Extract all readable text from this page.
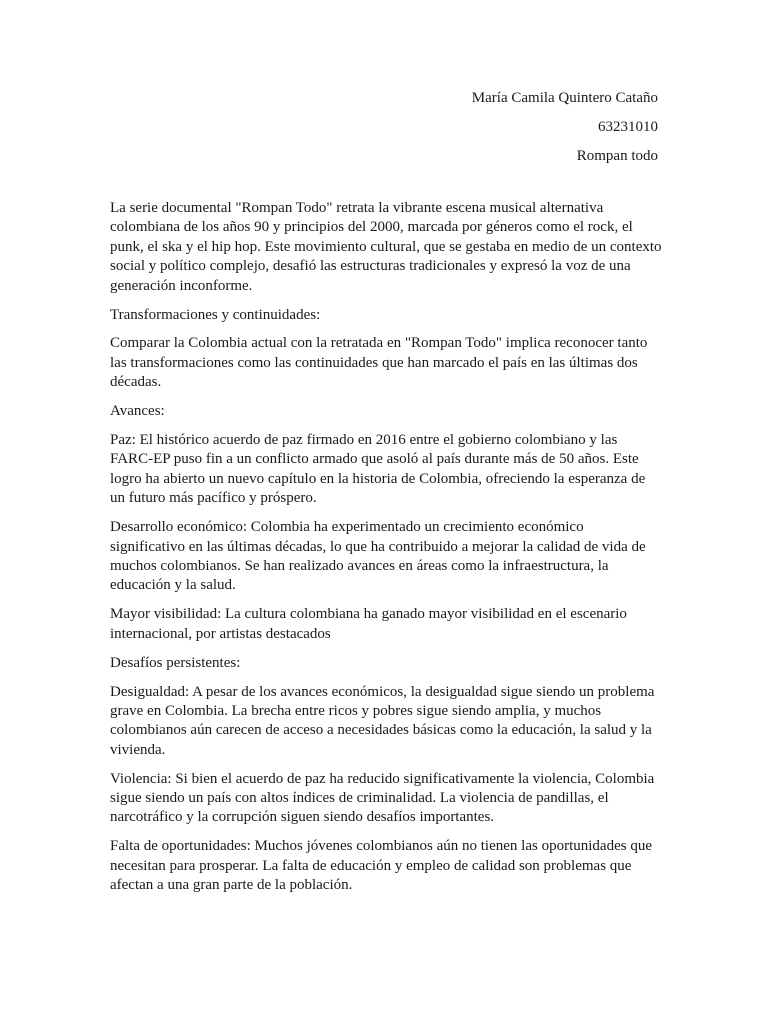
María Camila Quintero Cataño
63231010
Rompan todo

La serie documental "Rompan Todo" retrata la vibrante escena musical alternativa colombiana de los años 90 y principios del 2000, marcada por géneros como el rock, el punk, el ska y el hip hop. Este movimiento cultural, que se gestaba en medio de un contexto social y político complejo, desafió las estructuras tradicionales y expresó la voz de una generación inconforme.

Transformaciones y continuidades:

Comparar la Colombia actual con la retratada en "Rompan Todo" implica reconocer tanto las transformaciones como las continuidades que han marcado el país en las últimas dos décadas.

Avances:

Paz: El histórico acuerdo de paz firmado en 2016 entre el gobierno colombiano y las FARC-EP puso fin a un conflicto armado que asoló al país durante más de 50 años. Este logro ha abierto un nuevo capítulo en la historia de Colombia, ofreciendo la esperanza de un futuro más pacífico y próspero.

Desarrollo económico: Colombia ha experimentado un crecimiento económico significativo en las últimas décadas, lo que ha contribuido a mejorar la calidad de vida de muchos colombianos. Se han realizado avances en áreas como la infraestructura, la educación y la salud.

Mayor visibilidad: La cultura colombiana ha ganado mayor visibilidad en el escenario internacional, por artistas destacados

Desafíos persistentes:

Desigualdad: A pesar de los avances económicos, la desigualdad sigue siendo un problema grave en Colombia. La brecha entre ricos y pobres sigue siendo amplia, y muchos colombianos aún carecen de acceso a necesidades básicas como la educación, la salud y la vivienda.

Violencia: Si bien el acuerdo de paz ha reducido significativamente la violencia, Colombia sigue siendo un país con altos índices de criminalidad. La violencia de pandillas, el narcotráfico y la corrupción siguen siendo desafíos importantes.

Falta de oportunidades: Muchos jóvenes colombianos aún no tienen las oportunidades que necesitan para prosperar. La falta de educación y empleo de calidad son problemas que afectan a una gran parte de la población.
